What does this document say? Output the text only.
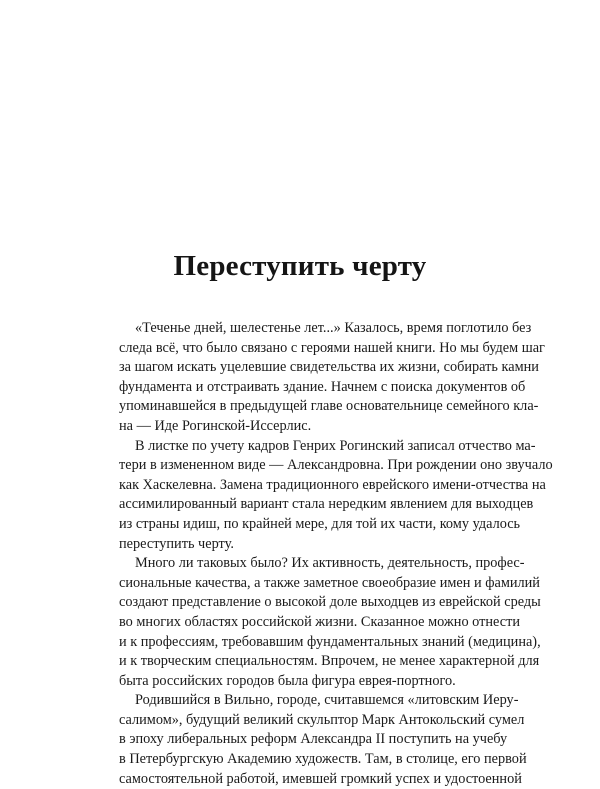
Переступить черту
«Теченье дней, шелестенье лет...» Казалось, время поглотило без
следа всё, что было связано с героями нашей книги. Но мы будем шаг
за шагом искать уцелевшие свидетельства их жизни, собирать камни
фундамента и отстраивать здание. Начнем с поиска документов об
упоминавшейся в предыдущей главе основательнице семейного кла-
на — Иде Рогинской-Иссерлис.
В листке по учету кадров Генрих Рогинский записал отчество ма-
тери в измененном виде — Александровна. При рождении оно звучало
как Хаскелевна. Замена традиционного еврейского имени-отчества на
ассимилированный вариант стала нередким явлением для выходцев
из страны идиш, по крайней мере, для той их части, кому удалось
переступить черту.
Много ли таковых было? Их активность, деятельность, профес-
сиональные качества, а также заметное своеобразие имен и фамилий
создают представление о высокой доле выходцев из еврейской среды
во многих областях российской жизни. Сказанное можно отнести
и к профессиям, требовавшим фундаментальных знаний (медицина),
и к творческим специальностям. Впрочем, не менее характерной для
быта российских городов была фигура еврея-портного.
Родившийся в Вильно, городе, считавшемся «литовским Иеру-
салимом», будущий великий скульптор Марк Антокольский сумел
в эпоху либеральных реформ Александра II поступить на учебу
в Петербургскую Академию художеств. Там, в столице, его первой
самостоятельной работой, имевшей громкий успех и удостоенной
